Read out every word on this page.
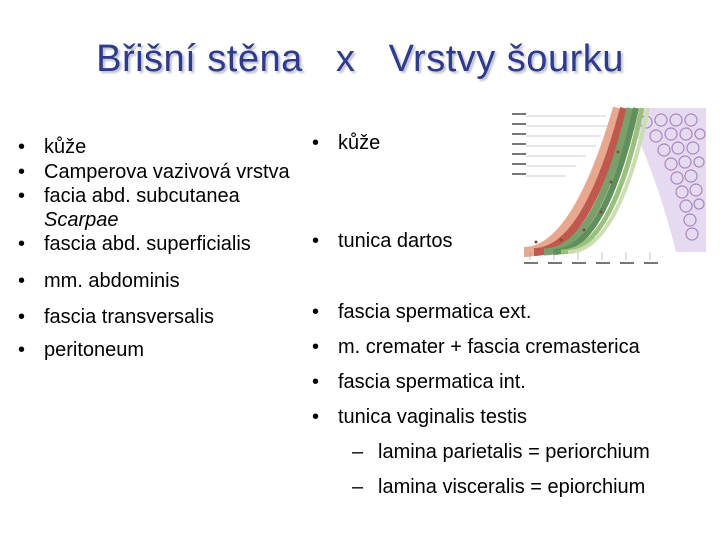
Břišní stěna   x   Vrstvy šourku
• kůže
• Camperova vazivová vrstva
• facia abd. subcutanea
Scarpae
• fascia abd. superficialis
• mm. abdominis
• fascia transversalis
• peritoneum
• kůže
• tunica dartos
• fascia spermatica ext.
• m. cremater + fascia cremasterica
• fascia spermatica int.
• tunica vaginalis testis
– lamina parietalis = periorchium
– lamina visceralis = epiorchium
